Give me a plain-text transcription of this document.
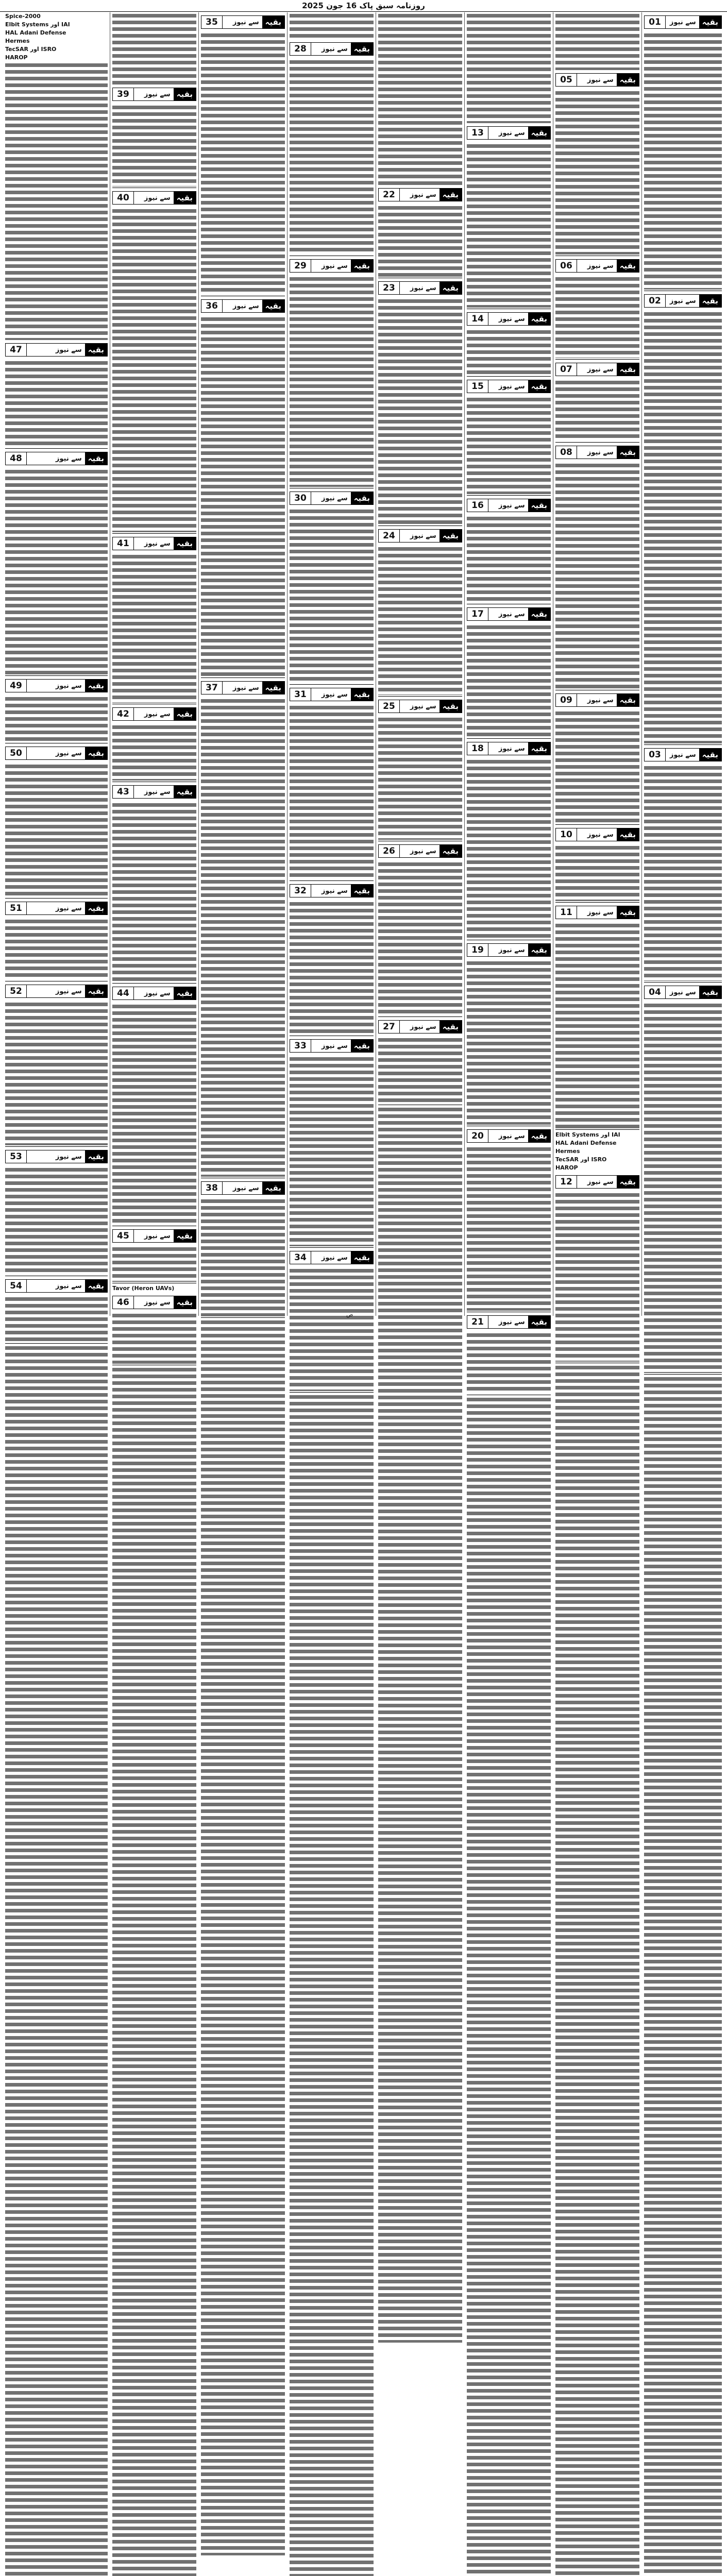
روزنامہ سبق پاک 16 جون 2025
بقیہ
سے نیوز
01
بقیہ
سے نیوز
02
بقیہ
سے نیوز
03
بقیہ
سے نیوز
04
بقیہ
سے نیوز
05
بقیہ
سے نیوز
06
بقیہ
سے نیوز
07
بقیہ
سے نیوز
08
بقیہ
سے نیوز
09
بقیہ
سے نیوز
10
بقیہ
سے نیوز
11
Elbit Systems اور IAI
HAL Adani Defense
Hermes
TecSAR اور ISRO
HAROP
بقیہ
سے نیوز
12
بقیہ
سے نیوز
13
بقیہ
سے نیوز
14
بقیہ
سے نیوز
15
بقیہ
سے نیوز
16
بقیہ
سے نیوز
17
بقیہ
سے نیوز
18
بقیہ
سے نیوز
19
بقیہ
سے نیوز
20
بقیہ
سے نیوز
21
بقیہ
سے نیوز
22
بقیہ
سے نیوز
23
بقیہ
سے نیوز
24
بقیہ
سے نیوز
25
بقیہ
سے نیوز
26
بقیہ
سے نیوز
27
بقیہ
سے نیوز
28
بقیہ
سے نیوز
29
بقیہ
سے نیوز
30
بقیہ
سے نیوز
31
بقیہ
سے نیوز
32
بقیہ
سے نیوز
33
بقیہ
سے نیوز
34
بقیہ
سے نیوز
35
بقیہ
سے نیوز
36
بقیہ
سے نیوز
37
بقیہ
سے نیوز
38
بقیہ
سے نیوز
39
بقیہ
سے نیوز
40
بقیہ
سے نیوز
41
بقیہ
سے نیوز
42
بقیہ
سے نیوز
43
بقیہ
سے نیوز
44
بقیہ
سے نیوز
45
Tavor (Heron UAVs)
بقیہ
سے نیوز
46
Spice-2000
Elbit Systems اور IAI
HAL Adani Defense
Hermes
TecSAR اور ISRO
HAROP
بقیہ
سے نیوز
47
بقیہ
سے نیوز
48
بقیہ
سے نیوز
49
بقیہ
سے نیوز
50
بقیہ
سے نیوز
51
بقیہ
سے نیوز
52
بقیہ
سے نیوز
53
بقیہ
سے نیوز
54
ص
